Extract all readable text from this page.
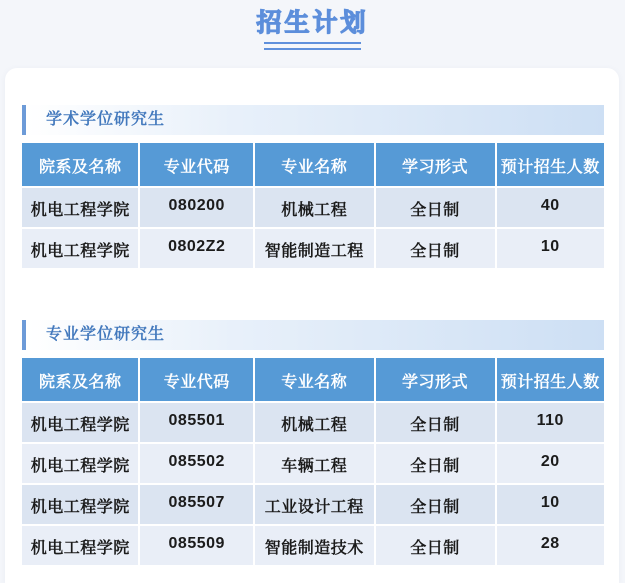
招生计划
学术学位研究生
院系及名称	专业代码	专业名称	学习形式	预计招生人数
机电工程学院	080200	机械工程	全日制	40
机电工程学院	0802Z2	智能制造工程	全日制	10
专业学位研究生
院系及名称	专业代码	专业名称	学习形式	预计招生人数
机电工程学院	085501	机械工程	全日制	110
机电工程学院	085502	车辆工程	全日制	20
机电工程学院	085507	工业设计工程	全日制	10
机电工程学院	085509	智能制造技术	全日制	28
